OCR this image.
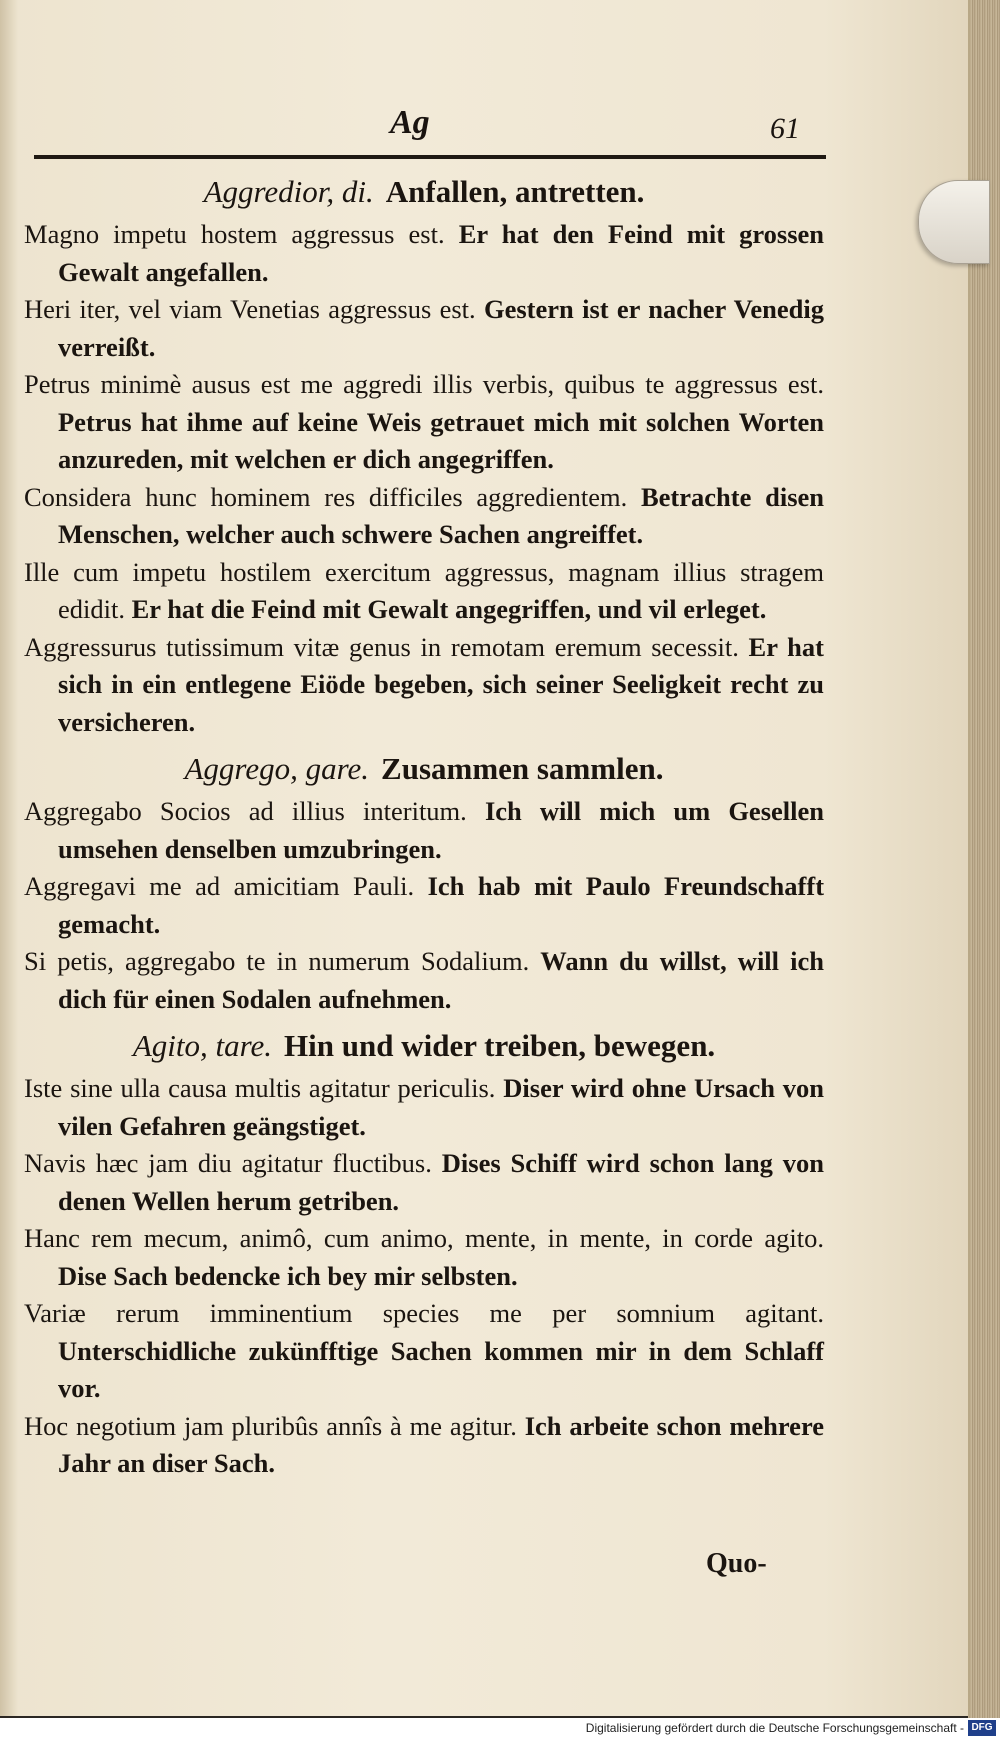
Ag	61
Aggredior, di. Anfallen, antretten.

Magno impetu hostem aggressus est. Er hat den Feind mit grossen Gewalt angefallen.

Heri iter, vel viam Venetias aggressus est. Gestern ist er nacher Venedig verreißt.

Petrus minimè ausus est me aggredi illis verbis, quibus te aggressus est. Petrus hat ihme auf keine Weis getrauet mich mit solchen Worten anzureden, mit welchen er dich angegriffen.

Considera hunc hominem res difficiles aggredientem. Betrachte disen Menschen, welcher auch schwere Sachen angreiffet.

Ille cum impetu hostilem exercitum aggressus, magnam illius stragem edidit. Er hat die Feind mit Gewalt angegriffen, und vil erleget.

Aggressurus tutissimum vitæ genus in remotam eremum secessit. Er hat sich in ein entlegene Eiöde begeben, sich seiner Seeligkeit recht zu versicheren.

Aggrego, gare. Zusammen sammlen.

Aggregabo Socios ad illius interitum. Ich will mich um Gesellen umsehen denselben umzubringen.

Aggregavi me ad amicitiam Pauli. Ich hab mit Paulo Freundschafft gemacht.

Si petis, aggregabo te in numerum Sodalium. Wann du willst, will ich dich für einen Sodalen aufnehmen.

Agito, tare. Hin und wider treiben, bewegen.

Iste sine ulla causa multis agitatur periculis. Diser wird ohne Ursach von vilen Gefahren geängstiget.

Navis hæc jam diu agitatur fluctibus. Dises Schiff wird schon lang von denen Wellen herum getriben.

Hanc rem mecum, animô, cum animo, mente, in mente, in corde agito. Dise Sach bedencke ich bey mir selbsten.

Variæ rerum imminentium species me per somnium agitant. Unterschidliche zukünfftige Sachen kommen mir in dem Schlaff vor.

Hoc negotium jam pluribûs annîs à me agitur. Ich arbeite schon mehrere Jahr an diser Sach.

Quo-
Digitalisierung gefördert durch die Deutsche Forschungsgemeinschaft - DFG
